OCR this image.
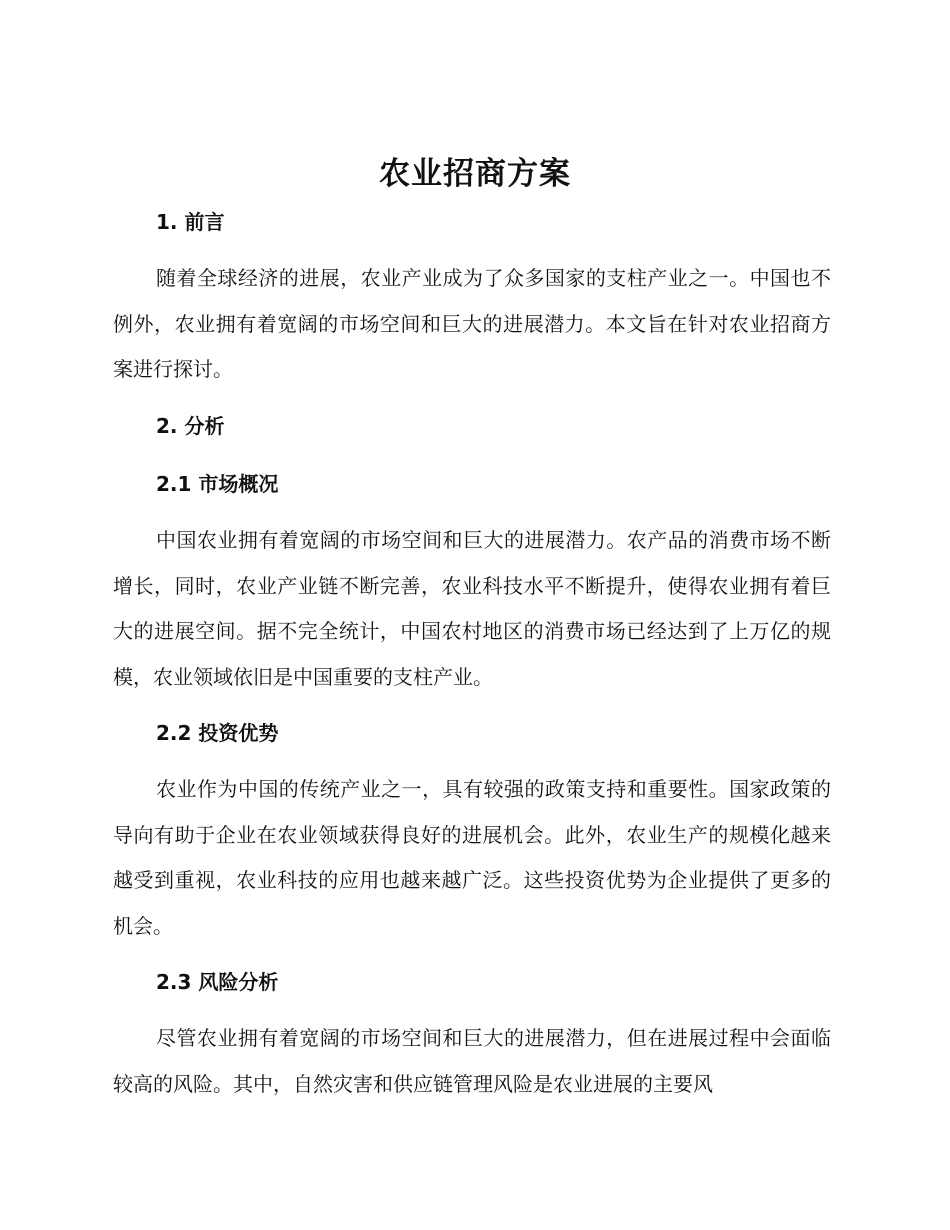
农业招商方案
1. 前言

随着全球经济的进展，农业产业成为了众多国家的支柱产业之一。中国也不例外，农业拥有着宽阔的市场空间和巨大的进展潜力。本文旨在针对农业招商方案进行探讨。

2. 分析
2.1 市场概况

中国农业拥有着宽阔的市场空间和巨大的进展潜力。农产品的消费市场不断增长，同时，农业产业链不断完善，农业科技水平不断提升，使得农业拥有着巨大的进展空间。据不完全统计，中国农村地区的消费市场已经达到了上万亿的规模，农业领域依旧是中国重要的支柱产业。

2.2 投资优势

农业作为中国的传统产业之一，具有较强的政策支持和重要性。国家政策的导向有助于企业在农业领域获得良好的进展机会。此外，农业生产的规模化越来越受到重视，农业科技的应用也越来越广泛。这些投资优势为企业提供了更多的机会。

2.3 风险分析

尽管农业拥有着宽阔的市场空间和巨大的进展潜力，但在进展过程中会面临较高的风险。其中，自然灾害和供应链管理风险是农业进展的主要风
